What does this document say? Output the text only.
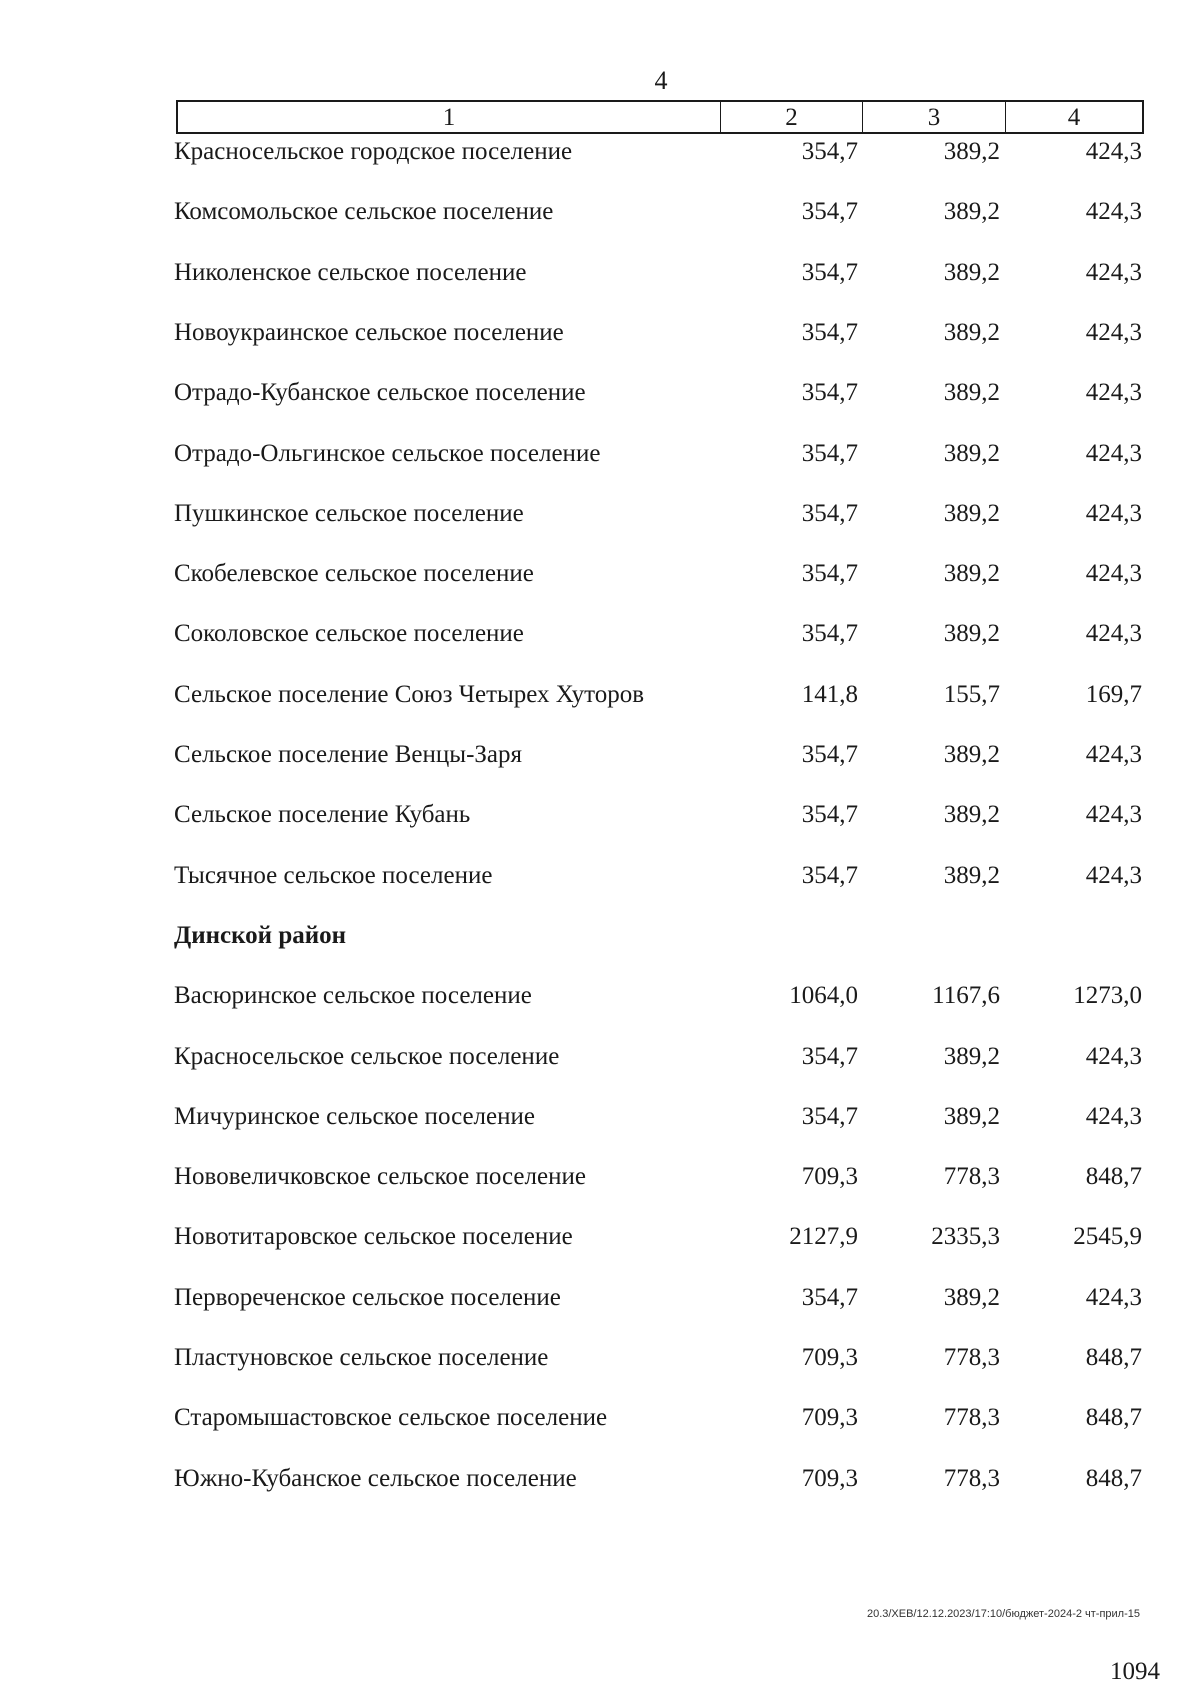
4
1	2	3	4
Красносельское городское поселение	354,7	389,2	424,3
Комсомольское сельское поселение	354,7	389,2	424,3
Николенское сельское поселение	354,7	389,2	424,3
Новоукраинское сельское поселение	354,7	389,2	424,3
Отрадо-Кубанское сельское поселение	354,7	389,2	424,3
Отрадо-Ольгинское сельское поселение	354,7	389,2	424,3
Пушкинское сельское поселение	354,7	389,2	424,3
Скобелевское сельское поселение	354,7	389,2	424,3
Соколовское сельское поселение	354,7	389,2	424,3
Сельское поселение Союз Четырех Хуторов	141,8	155,7	169,7
Сельское поселение Венцы-Заря	354,7	389,2	424,3
Сельское поселение Кубань	354,7	389,2	424,3
Тысячное сельское поселение	354,7	389,2	424,3
Динской район
Васюринское сельское поселение	1064,0	1167,6	1273,0
Красносельское сельское поселение	354,7	389,2	424,3
Мичуринское сельское поселение	354,7	389,2	424,3
Нововеличковское сельское поселение	709,3	778,3	848,7
Новотитаровское сельское поселение	2127,9	2335,3	2545,9
Первореченское сельское поселение	354,7	389,2	424,3
Пластуновское сельское поселение	709,3	778,3	848,7
Старомышастовское сельское поселение	709,3	778,3	848,7
Южно-Кубанское сельское поселение	709,3	778,3	848,7
20.3/ХЕВ/12.12.2023/17:10/бюджет-2024-2 чт-прил-15
1094
